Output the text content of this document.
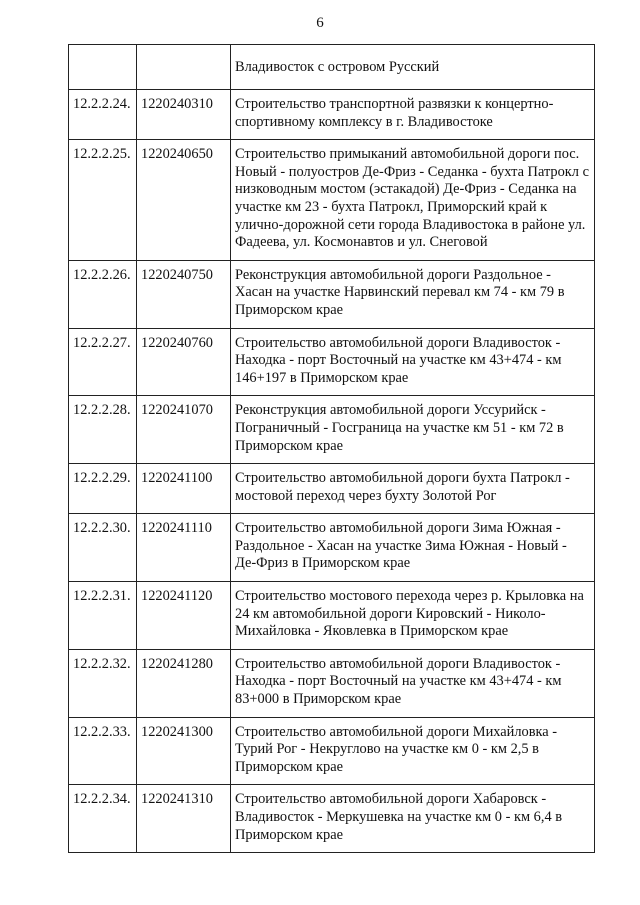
6
		Владивосток с островом Русский
12.2.2.24.	1220240310	Строительство транспортной развязки к концертно-спортивному комплексу в г. Владивостоке
12.2.2.25.	1220240650	Строительство примыканий автомобильной дороги пос. Новый - полуостров Де-Фриз - Седанка - бухта Патрокл с низководным мостом (эстакадой) Де-Фриз - Седанка на участке км 23 - бухта Патрокл, Приморский край к улично-дорожной сети города Владивостока в районе ул. Фадеева, ул. Космонавтов и ул. Снеговой
12.2.2.26.	1220240750	Реконструкция автомобильной дороги Раздольное - Хасан на участке Нарвинский перевал км 74 - км 79 в Приморском крае
12.2.2.27.	1220240760	Строительство автомобильной дороги Владивосток - Находка - порт Восточный на участке км 43+474 - км 146+197 в Приморском крае
12.2.2.28.	1220241070	Реконструкция автомобильной дороги Уссурийск - Пограничный - Госграница на участке км 51 - км 72 в Приморском крае
12.2.2.29.	1220241100	Строительство автомобильной дороги бухта Патрокл - мостовой переход через бухту Золотой Рог
12.2.2.30.	1220241110	Строительство автомобильной дороги Зима Южная - Раздольное - Хасан на участке Зима Южная - Новый - Де-Фриз в Приморском крае
12.2.2.31.	1220241120	Строительство мостового перехода через р. Крыловка на 24 км автомобильной дороги Кировский - Николо-Михайловка - Яковлевка в Приморском крае
12.2.2.32.	1220241280	Строительство автомобильной дороги Владивосток - Находка - порт Восточный на участке км 43+474 - км 83+000 в Приморском крае
12.2.2.33.	1220241300	Строительство автомобильной дороги Михайловка - Турий Рог - Некруглово на участке км 0 - км 2,5 в Приморском крае
12.2.2.34.	1220241310	Строительство автомобильной дороги Хабаровск - Владивосток - Меркушевка на участке км 0 - км 6,4 в Приморском крае
